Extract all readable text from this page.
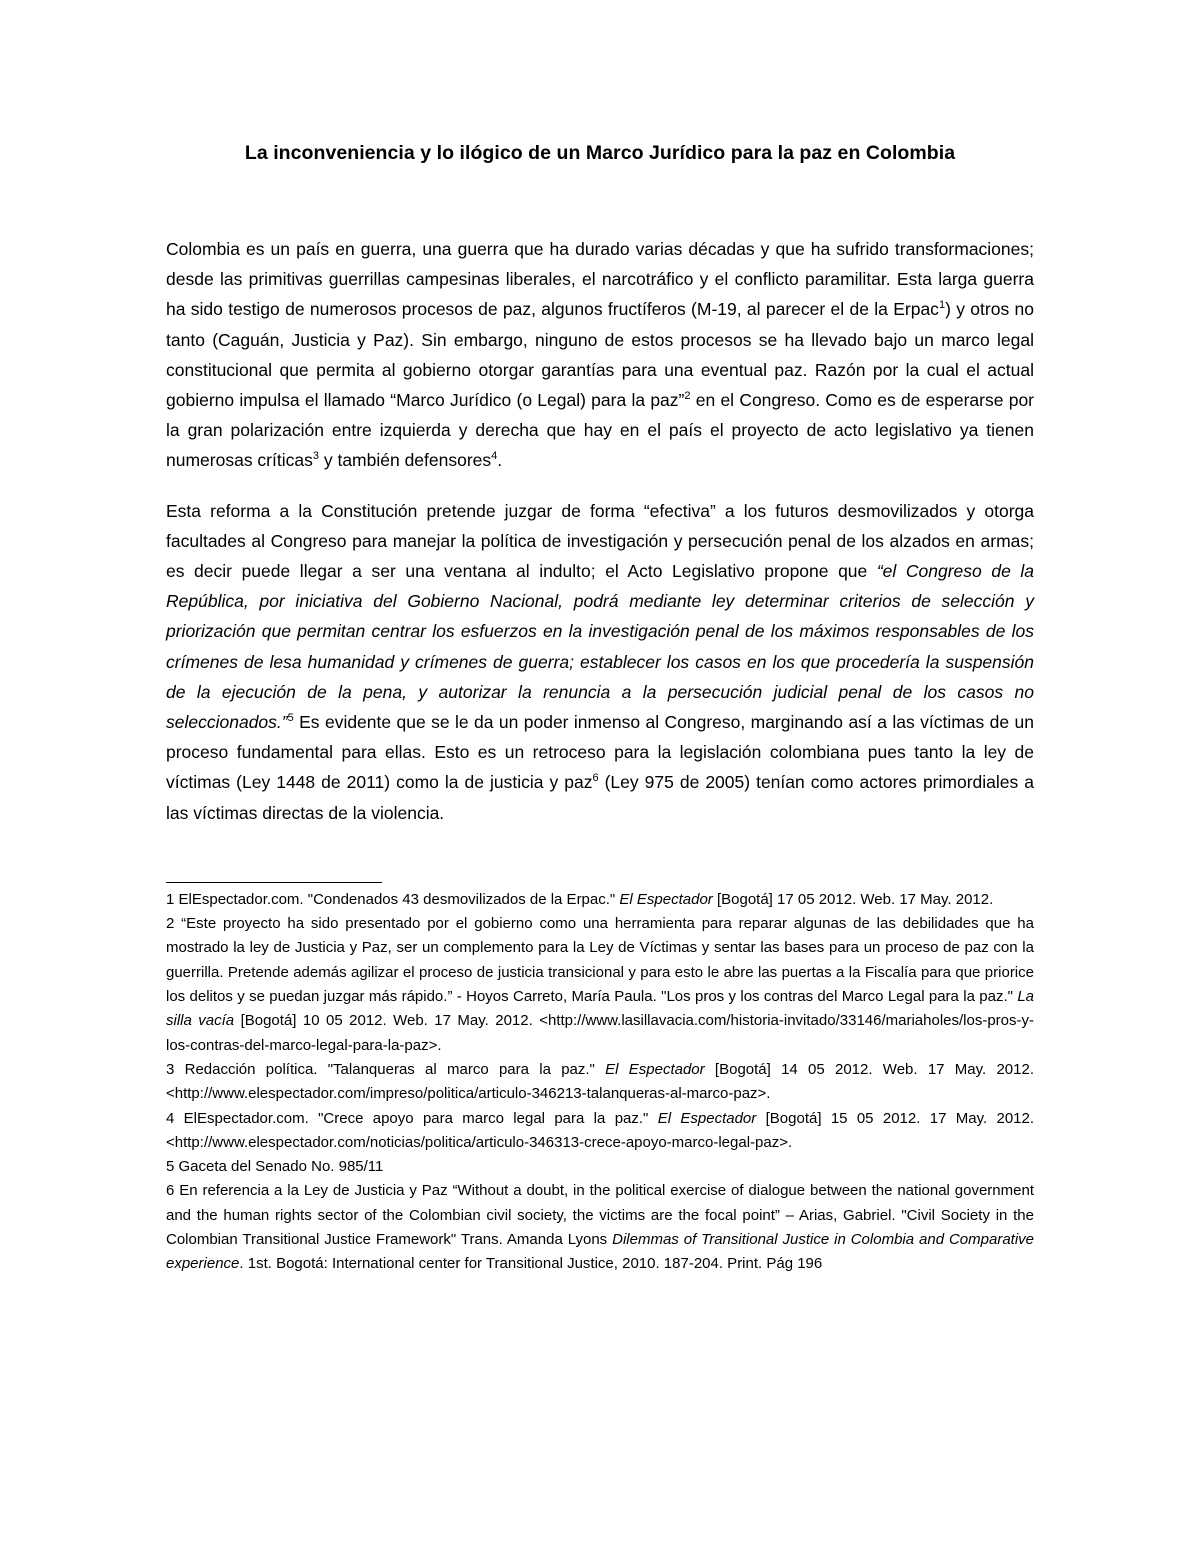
La inconveniencia y lo ilógico de un Marco Jurídico para la paz en Colombia

Colombia es un país en guerra, una guerra que ha durado varias décadas y que ha sufrido transformaciones; desde las primitivas guerrillas campesinas liberales, el narcotráfico y el conflicto paramilitar. Esta larga guerra ha sido testigo de numerosos procesos de paz, algunos fructíferos (M-19, al parecer el de la Erpac$^1$) y otros no tanto (Caguán, Justicia y Paz). Sin embargo, ninguno de estos procesos se ha llevado bajo un marco legal constitucional que permita al gobierno otorgar garantías para una eventual paz. Razón por la cual el actual gobierno impulsa el llamado “Marco Jurídico (o Legal) para la paz”$^2$ en el Congreso. Como es de esperarse por la gran polarización entre izquierda y derecha que hay en el país el proyecto de acto legislativo ya tienen numerosas críticas$^3$ y también defensores$^4$.

Esta reforma a la Constitución pretende juzgar de forma “efectiva” a los futuros desmovilizados y otorga facultades al Congreso para manejar la política de investigación y persecución penal de los alzados en armas; es decir puede llegar a ser una ventana al indulto; el Acto Legislativo propone que “el Congreso de la República, por iniciativa del Gobierno Nacional, podrá mediante ley determinar criterios de selección y priorización que permitan centrar los esfuerzos en la investigación penal de los máximos responsables de los crímenes de lesa humanidad y crímenes de guerra; establecer los casos en los que procedería la suspensión de la ejecución de la pena, y autorizar la renuncia a la persecución judicial penal de los casos no seleccionados.”$^5$ Es evidente que se le da un poder inmenso al Congreso, marginando así a las víctimas de un proceso fundamental para ellas. Esto es un retroceso para la legislación colombiana pues tanto la ley de víctimas (Ley 1448 de 2011) como la de justicia y paz$^6$ (Ley 975 de 2005) tenían como actores primordiales a las víctimas directas de la violencia.

1 ElEspectador.com. "Condenados 43 desmovilizados de la Erpac." El Espectador [Bogotá] 17 05 2012. Web. 17 May. 2012.

2 “Este proyecto ha sido presentado por el gobierno como una herramienta para reparar algunas de las debilidades que ha mostrado la ley de Justicia y Paz, ser un complemento para la Ley de Víctimas y sentar las bases para un proceso de paz con la guerrilla. Pretende además agilizar el proceso de justicia transicional y para esto le abre las puertas a la Fiscalía para que priorice los delitos y se puedan juzgar más rápido.” - Hoyos Carreto, María Paula. "Los pros y los contras del Marco Legal para la paz." La silla vacía [Bogotá] 10 05 2012. Web. 17 May. 2012. <http://www.lasillavacia.com/historia-invitado/33146/mariaholes/los-pros-y-los-contras-del-marco-legal-para-la-paz>.

3 Redacción política. "Talanqueras al marco para la paz." El Espectador [Bogotá] 14 05 2012. Web. 17 May. 2012. <http://www.elespectador.com/impreso/politica/articulo-346213-talanqueras-al-marco-paz>.

4 ElEspectador.com. "Crece apoyo para marco legal para la paz." El Espectador [Bogotá] 15 05 2012. 17 May. 2012. <http://www.elespectador.com/noticias/politica/articulo-346313-crece-apoyo-marco-legal-paz>.

5 Gaceta del Senado No. 985/11

6 En referencia a la Ley de Justicia y Paz “Without a doubt, in the political exercise of dialogue between the national government and the human rights sector of the Colombian civil society, the victims are the focal point” – Arias, Gabriel. "Civil Society in the Colombian Transitional Justice Framework" Trans. Amanda Lyons Dilemmas of Transitional Justice in Colombia and Comparative experience. 1st. Bogotá: International center for Transitional Justice, 2010. 187-204. Print. Pág 196
